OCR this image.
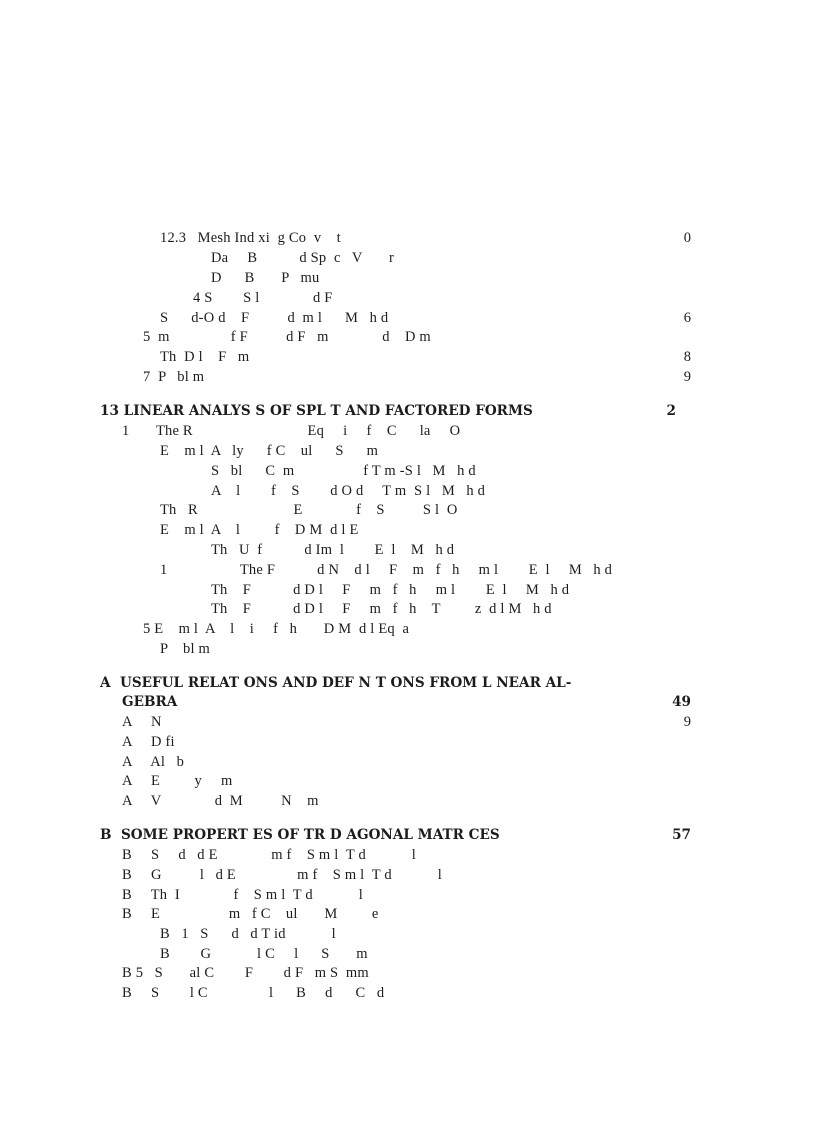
12.3   Mesh Ind xi  g Co  v    t	0
Da     B           d Sp  c   V       r
D      B       P   mu
4 S        S l              d F
S      d-O d    F          d  m l      M   h d	6
5  m                f F          d F   m              d    D m
Th  D l    F   m	8
7  P   bl m	9
13 LINEAR ANALYS S OF SPL T AND FACTORED FORMS	2
1       The R                              Eq     i     f    C      la     O
E    m l  A   ly      f C    ul      S      m
S   bl      C  m                  f T m -S l   M   h d
A    l        f    S        d O d     T m  S l   M   h d
Th   R                         E              f    S          S l  O
E    m l  A    l         f    D M  d l E
Th   U  f           d Im  l        E  l    M   h d
1                   The F           d N    d l     F    m   f   h     m l        E  l     M   h d
Th    F           d D l     F     m   f   h     m l        E  l     M   h d
Th    F           d D l     F     m   f   h    T         z  d l M   h d
5 E    m l  A    l    i     f   h       D M  d l Eq  a
P    bl m
A  USEFUL RELAT ONS AND DEF N T ONS FROM L NEAR AL-
GEBRA	49
A     N	9
A     D fi
A     Al   b
A     E         y     m
A     V              d  M          N    m
B  SOME PROPERT ES OF TR D AGONAL MATR CES	57
B     S     d   d E              m f    S m l  T d            l
B     G          l   d E                m f    S m l  T d            l
B     Th  I              f    S m l  T d            l
B     E                  m   f C    ul       M         e
B   1   S      d   d T id            l
B        G            l C     l      S       m
B 5   S       al C        F        d F   m S  mm
B     S        l C                l      B     d      C   d
